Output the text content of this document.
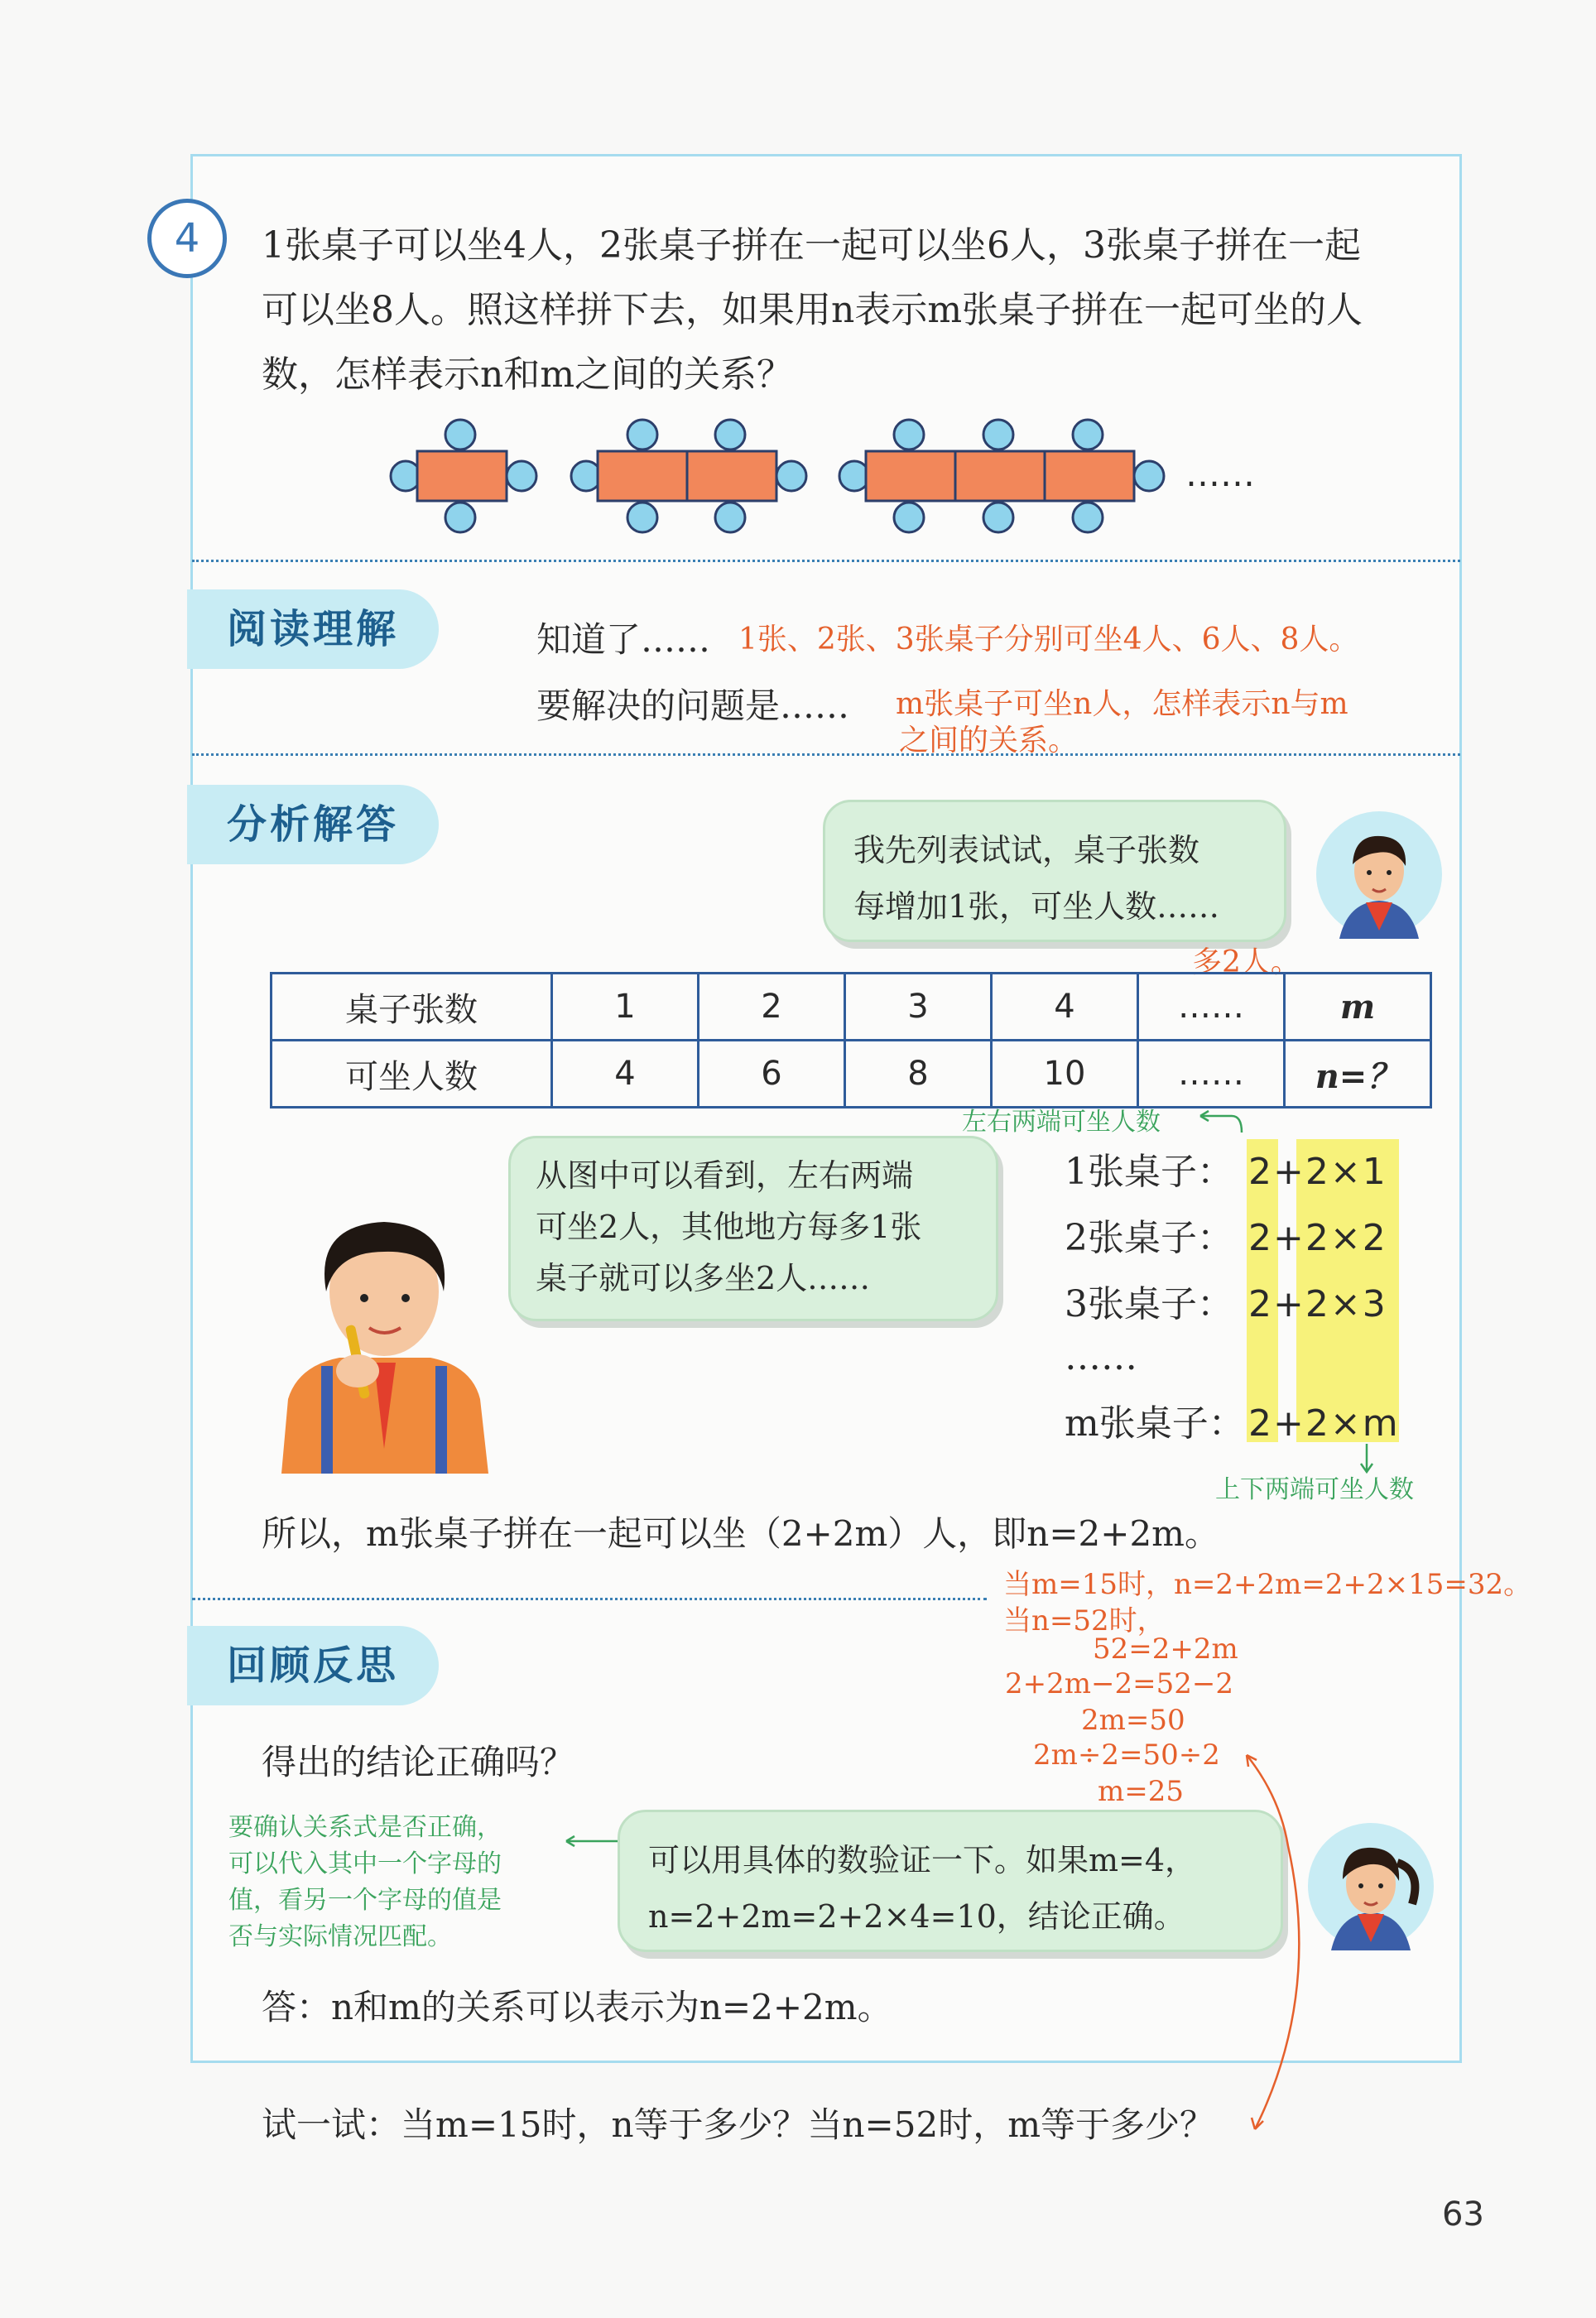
4	1张桌子可以坐4人，2张桌子拼在一起可以坐6人，3张桌子拼在一起
可以坐8人。照这样拼下去，如果用n表示m张桌子拼在一起可坐的人
数，怎样表示n和m之间的关系？
……
阅读理解	知道了…… 1张、2张、3张桌子分别可坐4人、6人、8人。
要解决的问题是…… m张桌子可坐n人，怎样表示n与m
之间的关系。
分析解答
我先列表试试，桌子张数
每增加1张，可坐人数……
多2人。
桌子张数	1	2	3	4	……	m
可坐人数	4	6	8	10	……	n=？
左右两端可坐人数
从图中可以看到，左右两端
可坐2人，其他地方每多1张
桌子就可以多坐2人……
1张桌子： 2+2×1
2张桌子： 2+2×2
3张桌子： 2+2×3
……
m张桌子： 2+2×m
上下两端可坐人数
所以，m张桌子拼在一起可以坐（2+2m）人，即n=2+2m。
当m=15时，n=2+2m=2+2×15=32。
当n=52时，
52=2+2m
2+2m−2=52−2
2m=50
2m÷2=50÷2
m=25
回顾反思
得出的结论正确吗？
要确认关系式是否正确，
可以代入其中一个字母的
值，看另一个字母的值是
否与实际情况匹配。
可以用具体的数验证一下。如果m=4，
n=2+2m=2+2×4=10，结论正确。
答：n和m的关系可以表示为n=2+2m。
试一试：当m=15时，n等于多少？当n=52时，m等于多少？
63
